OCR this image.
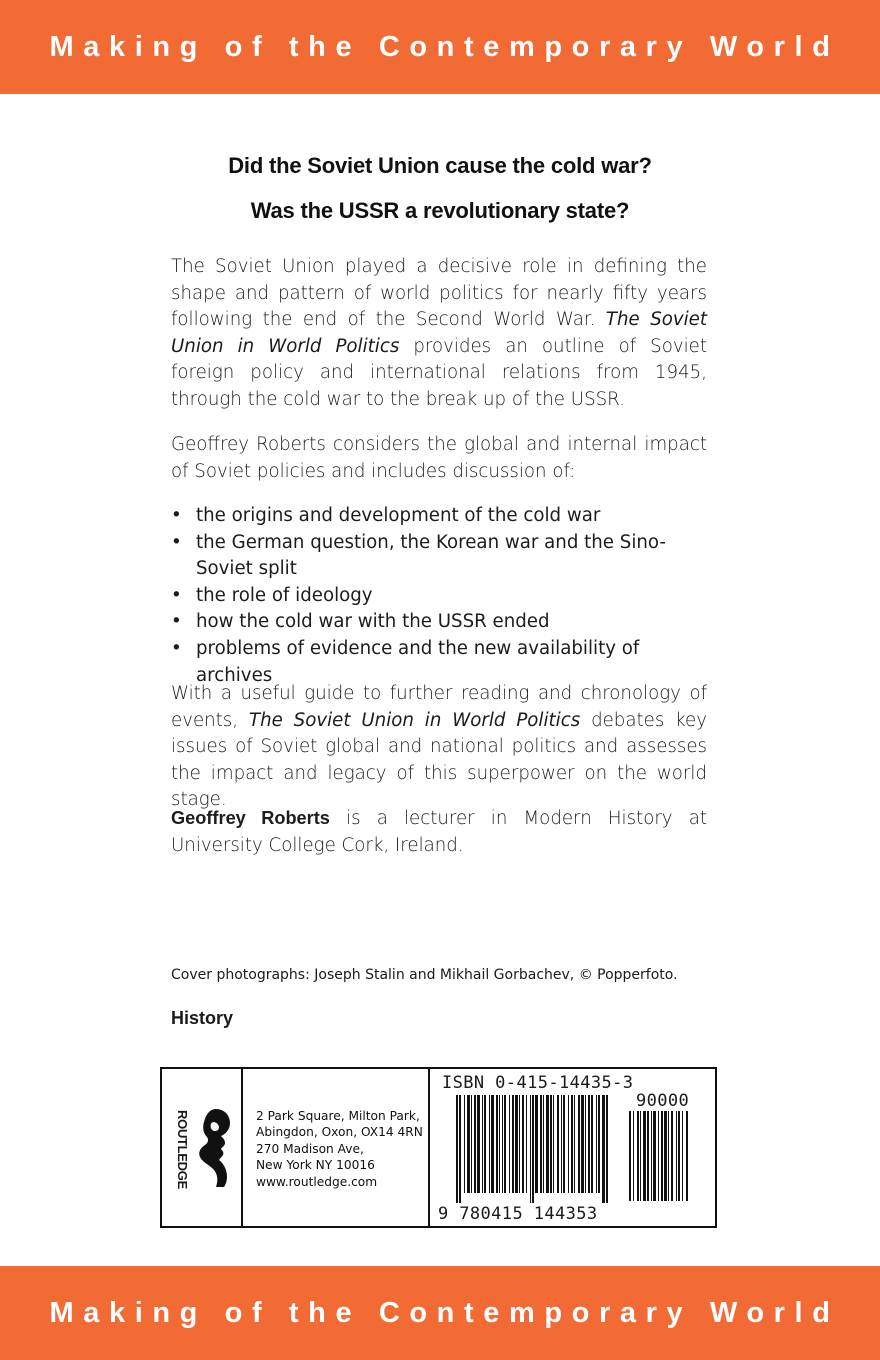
Making of the Contemporary World
Did the Soviet Union cause the cold war?
Was the USSR a revolutionary state?

The Soviet Union played a decisive role in defining the shape and pattern of world politics for nearly fifty years following the end of the Second World War. The Soviet Union in World Politics provides an outline of Soviet foreign policy and international relations from 1945, through the cold war to the break up of the USSR.

Geoffrey Roberts considers the global and internal impact of Soviet policies and includes discussion of:

• the origins and development of the cold war
• the German question, the Korean war and the Sino-Soviet split
• the role of ideology
• how the cold war with the USSR ended
• problems of evidence and the new availability of archives

With a useful guide to further reading and chronology of events, The Soviet Union in World Politics debates key issues of Soviet global and national politics and assesses the impact and legacy of this superpower on the world stage.

Geoffrey Roberts is a lecturer in Modern History at University College Cork, Ireland.

Cover photographs: Joseph Stalin and Mikhail Gorbachev, © Popperfoto.
History
ROUTLEDGE	2 Park Square, Milton Park,
Abingdon, Oxon, OX14 4RN
270 Madison Ave,
New York NY 10016
www.routledge.com
ISBN 0-415-14435-3
90000
9 780415 144353
Making of the Contemporary World
